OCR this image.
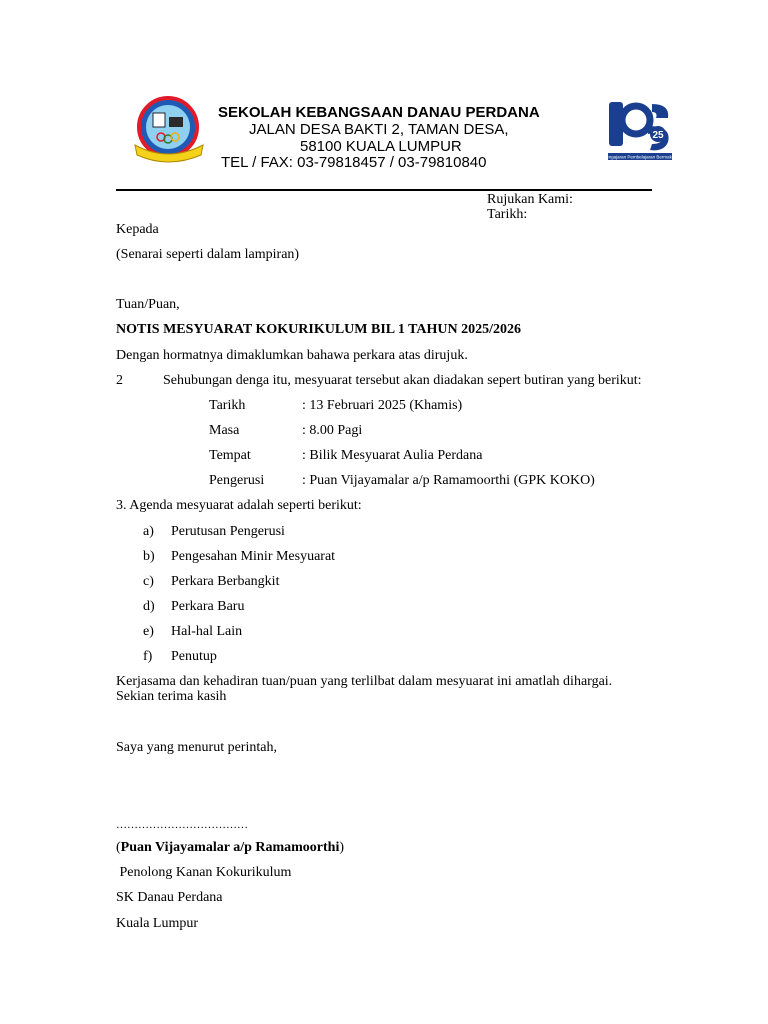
25
Pengajaran Pembelajaran Bermakna
SEKOLAH KEBANGSAAN DANAU PERDANA
JALAN DESA BAKTI 2, TAMAN DESA,
58100 KUALA LUMPUR
TEL / FAX: 03-79818457 / 03-79810840
Rujukan Kami:
Tarikh:
Kepada
(Senarai seperti dalam lampiran)
Tuan/Puan,
NOTIS MESYUARAT KOKURIKULUM BIL 1 TAHUN 2025/2026
Dengan hormatnya dimaklumkan bahawa perkara atas dirujuk.
2	Sehubungan denga itu, mesyuarat tersebut akan diadakan sepert butiran yang berikut:
Tarikh	: 13 Februari 2025 (Khamis)
Masa	: 8.00 Pagi
Tempat	: Bilik Mesyuarat Aulia Perdana
Pengerusi	: Puan Vijayamalar a/p Ramamoorthi (GPK KOKO)
3. Agenda mesyuarat adalah seperti berikut:
a) Perutusan Pengerusi
b) Pengesahan Minir Mesyuarat
c) Perkara Berbangkit
d) Perkara Baru
e) Hal-hal Lain
f) Penutup
Kerjasama dan kehadiran tuan/puan yang terlilbat dalam mesyuarat ini amatlah dihargai.
Sekian terima kasih
Saya yang menurut perintah,
………………………………
(Puan Vijayamalar a/p Ramamoorthi)
Penolong Kanan Kokurikulum
SK Danau Perdana
Kuala Lumpur
